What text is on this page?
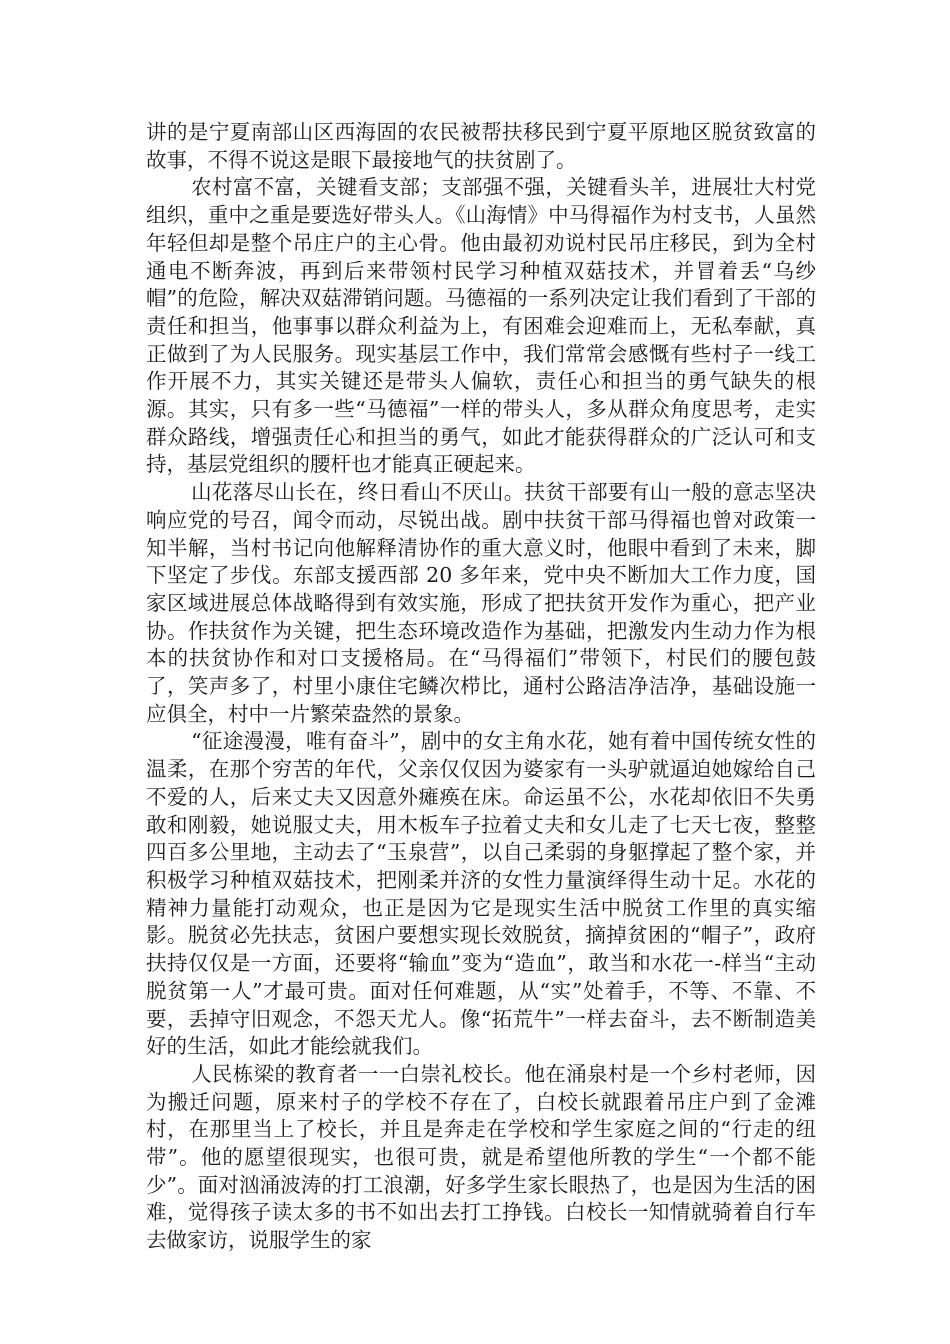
讲的是宁夏南部山区西海固的农民被帮扶移民到宁夏平原地区脱贫致富的故事，不得不说这是眼下最接地气的扶贫剧了。

农村富不富，关键看支部；支部强不强，关键看头羊，进展壮大村党组织，重中之重是要选好带头人。《山海情》中马得福作为村支书，人虽然年轻但却是整个吊庄户的主心骨。他由最初劝说村民吊庄移民，到为全村通电不断奔波，再到后来带领村民学习种植双菇技术，并冒着丢“乌纱帽”的危险，解决双菇滞销问题。马德福的一系列决定让我们看到了干部的责任和担当，他事事以群众利益为上，有困难会迎难而上，无私奉献，真正做到了为人民服务。现实基层工作中，我们常常会感慨有些村子一线工作开展不力，其实关键还是带头人偏软，责任心和担当的勇气缺失的根源。其实，只有多一些“马德福”一样的带头人，多从群众角度思考，走实群众路线，增强责任心和担当的勇气，如此才能获得群众的广泛认可和支持，基层党组织的腰杆也才能真正硬起来。

山花落尽山长在，终日看山不厌山。扶贫干部要有山一般的意志坚决响应党的号召，闻令而动，尽锐出战。剧中扶贫干部马得福也曾对政策一知半解，当村书记向他解释清协作的重大意义时，他眼中看到了未来，脚下坚定了步伐。东部支援西部 20 多年来，党中央不断加大工作力度，国家区域进展总体战略得到有效实施，形成了把扶贫开发作为重心，把产业协。作扶贫作为关键，把生态环境改造作为基础，把激发内生动力作为根本的扶贫协作和对口支援格局。在“马得福们”带领下，村民们的腰包鼓了，笑声多了，村里小康住宅鳞次栉比，通村公路洁净洁净，基础设施一应俱全，村中一片繁荣盎然的景象。

“征途漫漫，唯有奋斗”，剧中的女主角水花，她有着中国传统女性的温柔，在那个穷苦的年代，父亲仅仅因为婆家有一头驴就逼迫她嫁给自己不爱的人，后来丈夫又因意外瘫痪在床。命运虽不公，水花却依旧不失勇敢和刚毅，她说服丈夫，用木板车子拉着丈夫和女儿走了七天七夜，整整四百多公里地，主动去了“玉泉营”，以自己柔弱的身躯撑起了整个家，并积极学习种植双菇技术，把刚柔并济的女性力量演绎得生动十足。水花的精神力量能打动观众，也正是因为它是现实生活中脱贫工作里的真实缩影。脱贫必先扶志，贫困户要想实现长效脱贫，摘掉贫困的“帽子”，政府扶持仅仅是一方面，还要将“输血”变为“造血”，敢当和水花一-样当“主动脱贫第一人”才最可贵。面对任何难题，从“实”处着手，不等、不靠、不要，丢掉守旧观念，不怨天尤人。像“拓荒牛”一样去奋斗，去不断制造美好的生活，如此才能绘就我们。

人民栋梁的教育者一一白崇礼校长。他在涌泉村是一个乡村老师，因为搬迁问题，原来村子的学校不存在了，白校长就跟着吊庄户到了金滩村，在那里当上了校长，并且是奔走在学校和学生家庭之间的“行走的纽带”。他的愿望很现实，也很可贵，就是希望他所教的学生“一个都不能少”。面对汹涌波涛的打工浪潮，好多学生家长眼热了，也是因为生活的困难，觉得孩子读太多的书不如出去打工挣钱。白校长一知情就骑着自行车去做家访，说服学生的家
